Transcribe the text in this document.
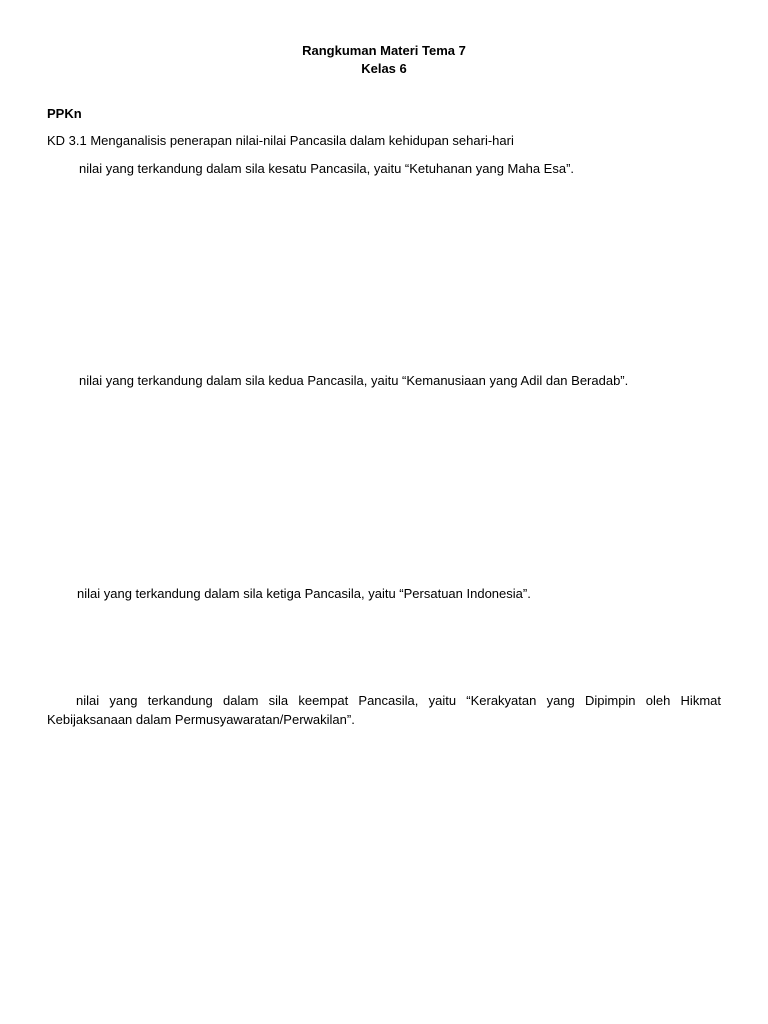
Rangkuman Materi Tema 7
Kelas 6
PPKn
KD 3.1 Menganalisis penerapan nilai-nilai Pancasila dalam kehidupan sehari-hari
nilai yang terkandung dalam sila kesatu Pancasila, yaitu “Ketuhanan yang Maha Esa”.
nilai yang terkandung dalam sila kedua Pancasila, yaitu “Kemanusiaan yang Adil dan Beradab”.
nilai yang terkandung dalam sila ketiga Pancasila, yaitu “Persatuan Indonesia”.
nilai yang terkandung dalam sila keempat Pancasila, yaitu “Kerakyatan yang Dipimpin oleh Hikmat Kebijaksanaan dalam Permusyawaratan/Perwakilan”.
